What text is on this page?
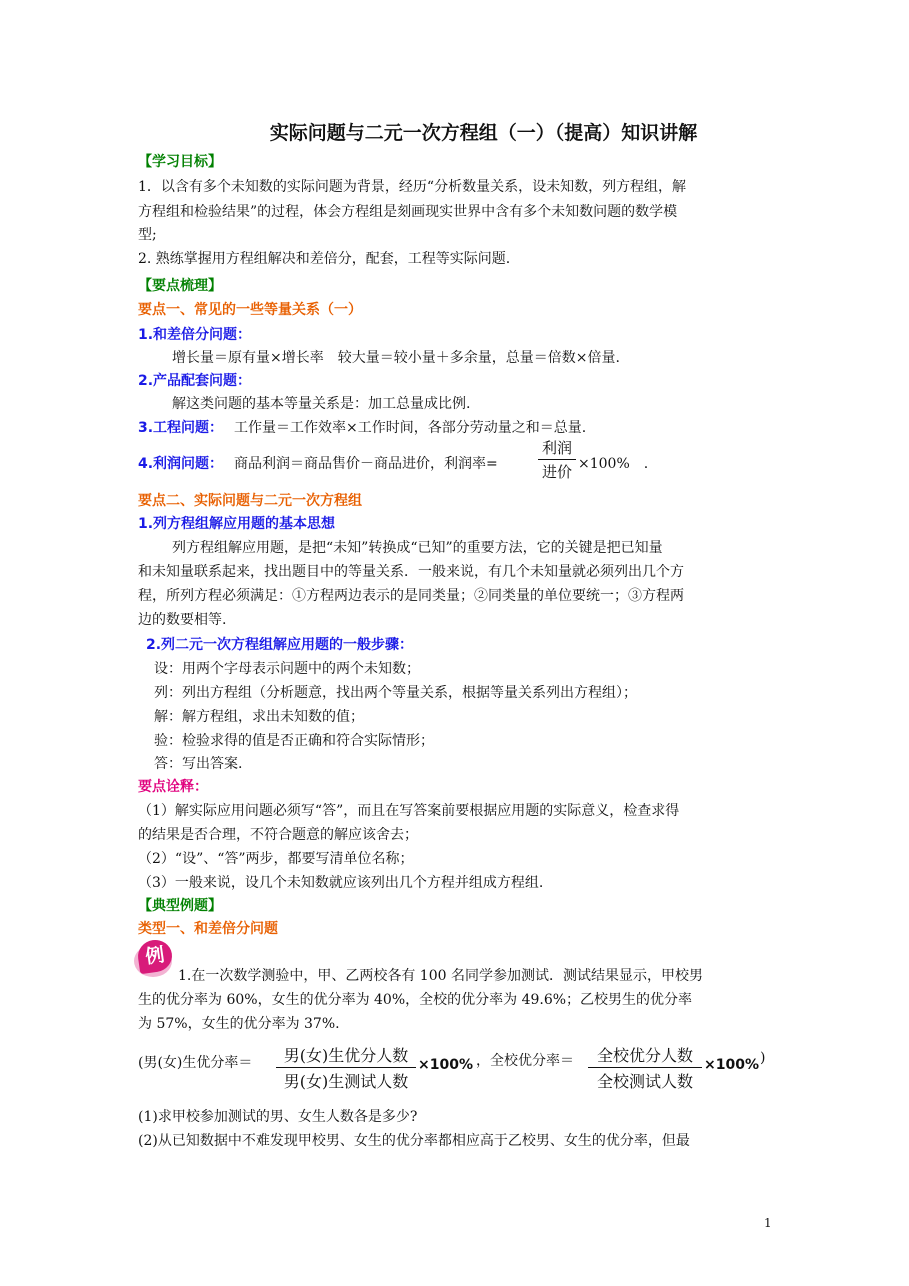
实际问题与二元一次方程组（一）（提高）知识讲解
【学习目标】
1．以含有多个未知数的实际问题为背景，经历“分析数量关系，设未知数，列方程组，解
方程组和检验结果”的过程，体会方程组是刻画现实世界中含有多个未知数问题的数学模
型;
2. 熟练掌握用方程组解决和差倍分，配套，工程等实际问题.
【要点梳理】
要点一、常见的一些等量关系（一）
1.和差倍分问题：
增长量＝原有量×增长率　较大量＝较小量＋多余量，总量＝倍数×倍量.
2.产品配套问题：
解这类问题的基本等量关系是：加工总量成比例.
3.工程问题： 工作量＝工作效率×工作时间，各部分劳动量之和＝总量.
4.利润问题： 商品利润＝商品售价－商品进价，利润率=
利润
进价 ×100%　.
要点二、实际问题与二元一次方程组
1.列方程组解应用题的基本思想
列方程组解应用题，是把“未知”转换成“已知”的重要方法，它的关键是把已知量
和未知量联系起来，找出题目中的等量关系．一般来说，有几个未知量就必须列出几个方
程，所列方程必须满足：①方程两边表示的是同类量；②同类量的单位要统一；③方程两
边的数要相等.
2.列二元一次方程组解应用题的一般步骤：
设：用两个字母表示问题中的两个未知数；
列：列出方程组（分析题意，找出两个等量关系，根据等量关系列出方程组）；
解：解方程组，求出未知数的值；
验：检验求得的值是否正确和符合实际情形；
答：写出答案.
要点诠释：
（1）解实际应用问题必须写“答”，而且在写答案前要根据应用题的实际意义，检查求得
的结果是否合理，不符合题意的解应该舍去；
（2）“设”、“答”两步，都要写清单位名称；
（3）一般来说，设几个未知数就应该列出几个方程并组成方程组.
【典型例题】
类型一、和差倍分问题
例
1.在一次数学测验中，甲、乙两校各有 100 名同学参加测试．测试结果显示，甲校男
生的优分率为 60%，女生的优分率为 40%，全校的优分率为 49.6%；乙校男生的优分率
为 57%，女生的优分率为 37%.
(男(女)生优分率＝	男(女)生优分人数
男(女)生测试人数
×100% ，全校优分率＝	全校优分人数
全校测试人数
×100% )
(1)求甲校参加测试的男、女生人数各是多少?
(2)从已知数据中不难发现甲校男、女生的优分率都相应高于乙校男、女生的优分率，但最
1
